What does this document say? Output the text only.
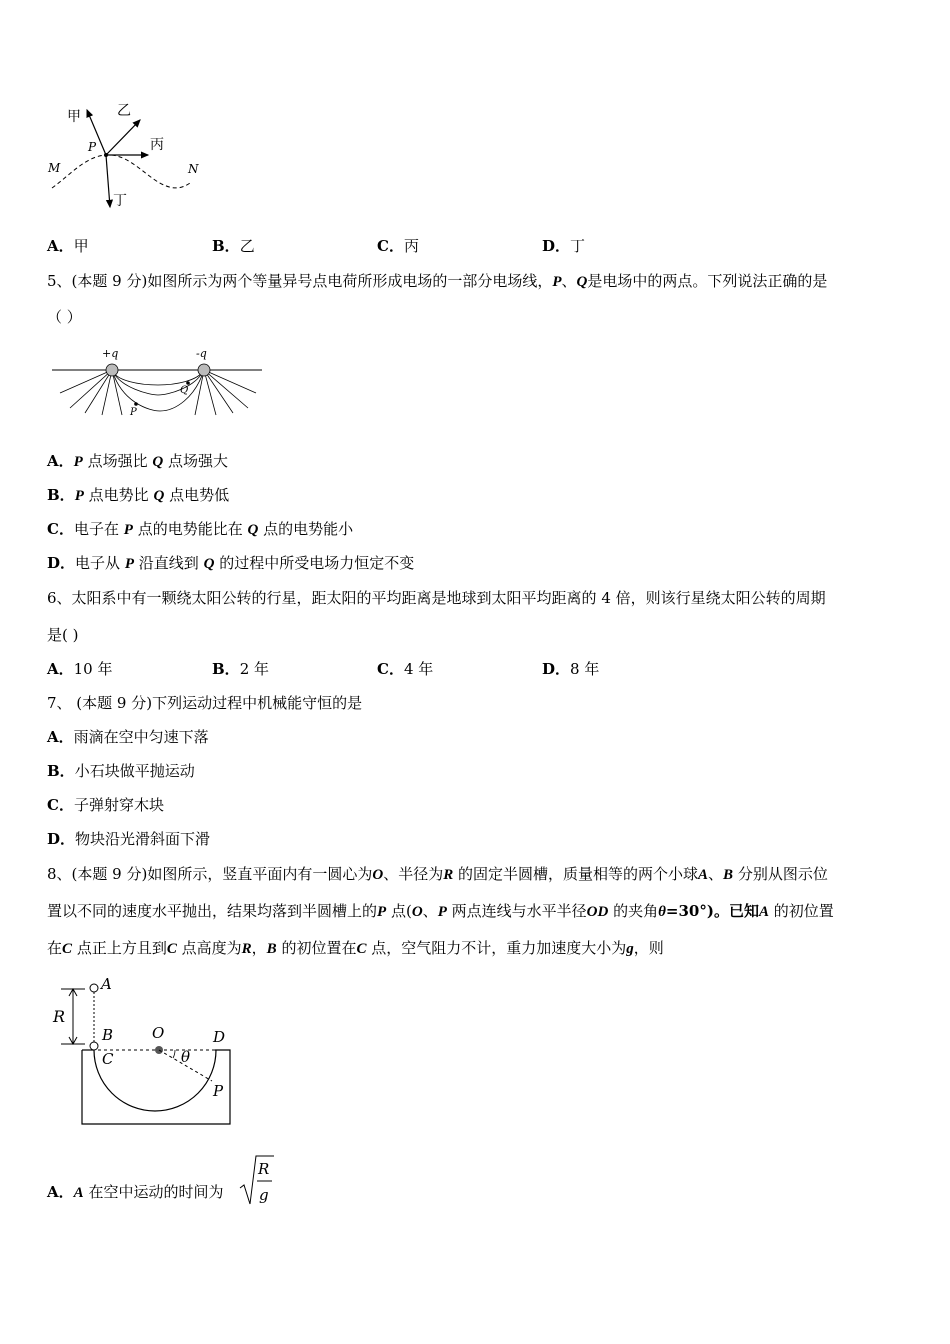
甲	乙
丙
丁
P
M	N
A．甲	B．乙	C．丙	D．丁
5、(本题 9 分)如图所示为两个等量异号点电荷所形成电场的一部分电场线，P、Q是电场中的两点。下列说法正确的是
（ ）
+q	-q
P
Q
A．P 点场强比 Q 点场强大
B．P 点电势比 Q 点电势低
C．电子在 P 点的电势能比在 Q 点的电势能小
D．电子从 P 沿直线到 Q 的过程中所受电场力恒定不变
6、太阳系中有一颗绕太阳公转的行星，距太阳的平均距离是地球到太阳平均距离的 4 倍，则该行星绕太阳公转的周期
是( )
A．10 年	B．2 年	C．4 年	D．8 年
7、 (本题 9 分)下列运动过程中机械能守恒的是
A．雨滴在空中匀速下落
B．小石块做平抛运动
C．子弹射穿木块
D．物块沿光滑斜面下滑
8、(本题 9 分)如图所示，竖直平面内有一圆心为O、半径为R 的固定半圆槽，质量相等的两个小球A、B 分别从图示位
置以不同的速度水平抛出，结果均落到半圆槽上的P 点(O、P 两点连线与水平半径OD 的夹角θ=30°)。已知A 的初位置
在C 点正上方且到C 点高度为R，B 的初位置在C 点，空气阻力不计，重力加速度大小为g，则
R
A
B
C
O	D
θ
P
A．A 在空中运动的时间为
R
g
